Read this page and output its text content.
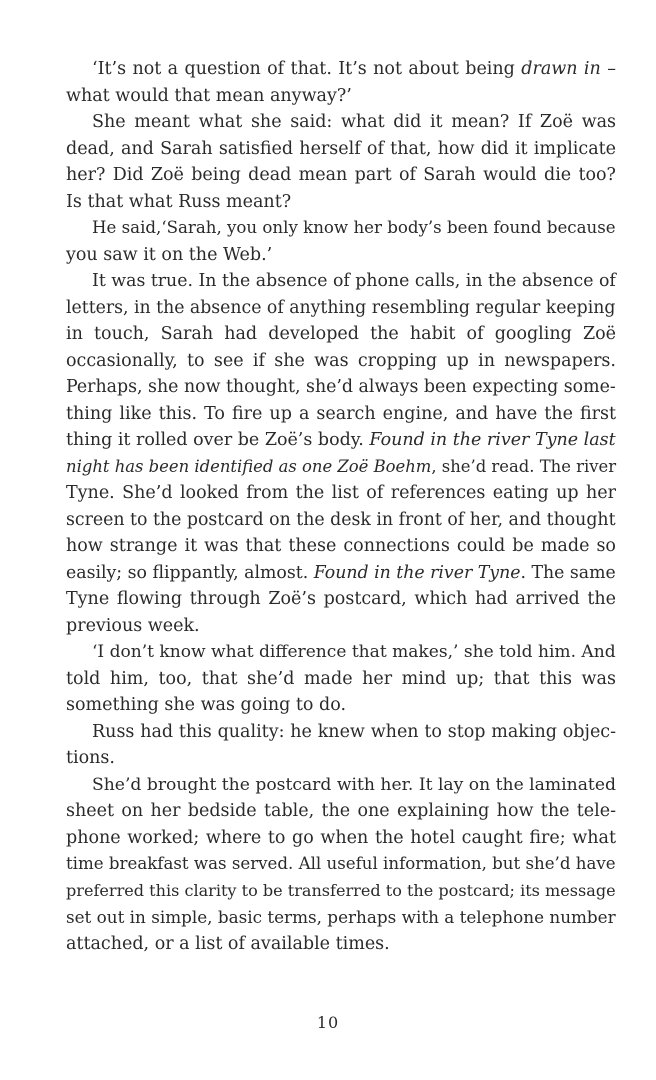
‘It’s not a question of that. It’s not about being drawn in –
what would that mean anyway?’
She meant what she said: what did it mean? If Zoë was
dead, and Sarah satisfied herself of that, how did it implicate
her? Did Zoë being dead mean part of Sarah would die too?
Is that what Russ meant?
He said,‘Sarah, you only know her body’s been found because
you saw it on the Web.’
It was true. In the absence of phone calls, in the absence of
letters, in the absence of anything resembling regular keeping
in touch, Sarah had developed the habit of googling Zoë
occasionally, to see if she was cropping up in newspapers.
Perhaps, she now thought, she’d always been expecting some-
thing like this. To fire up a search engine, and have the first
thing it rolled over be Zoë’s body. Found in the river Tyne last
night has been identified as one Zoë Boehm, she’d read. The river
Tyne. She’d looked from the list of references eating up her
screen to the postcard on the desk in front of her, and thought
how strange it was that these connections could be made so
easily; so flippantly, almost. Found in the river Tyne. The same
Tyne flowing through Zoë’s postcard, which had arrived the
previous week.
‘I don’t know what difference that makes,’ she told him. And
told him, too, that she’d made her mind up; that this was
something she was going to do.
Russ had this quality: he knew when to stop making objec-
tions.
She’d brought the postcard with her. It lay on the laminated
sheet on her bedside table, the one explaining how the tele-
phone worked; where to go when the hotel caught fire; what
time breakfast was served. All useful information, but she’d have
preferred this clarity to be transferred to the postcard; its message
set out in simple, basic terms, perhaps with a telephone number
attached, or a list of available times.
10
